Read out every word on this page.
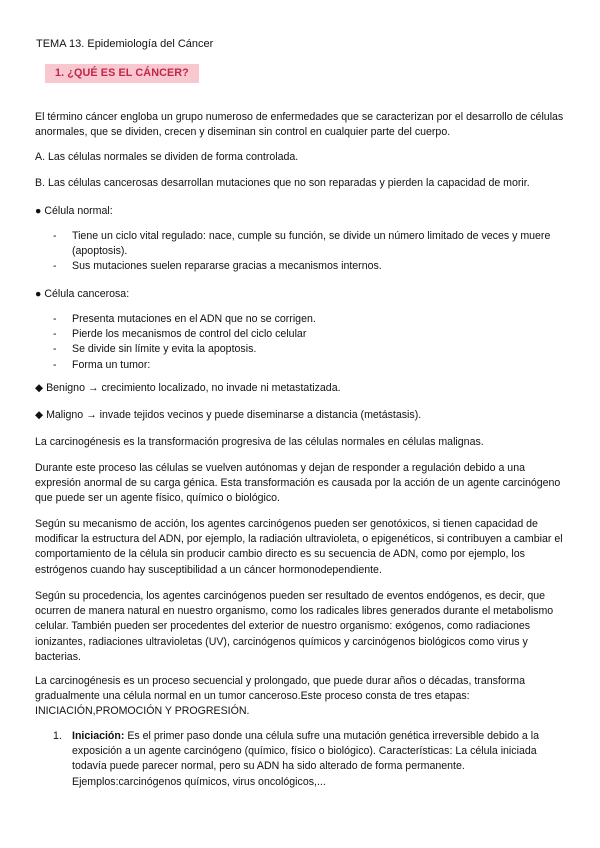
TEMA 13. Epidemiología del Cáncer
1. ¿QUÉ ES EL CÁNCER?

El término cáncer engloba un grupo numeroso de enfermedades que se caracterizan por el desarrollo de células anormales, que se dividen, crecen y diseminan sin control en cualquier parte del cuerpo.

A. Las células normales se dividen de forma controlada.

B. Las células cancerosas desarrollan mutaciones que no son reparadas y pierden la capacidad de morir.

● Célula normal:

- Tiene un ciclo vital regulado: nace, cumple su función, se divide un número limitado de veces y muere (apoptosis).
- Sus mutaciones suelen repararse gracias a mecanismos internos.

● Célula cancerosa:

- Presenta mutaciones en el ADN que no se corrigen.
- Pierde los mecanismos de control del ciclo celular
- Se divide sin límite y evita la apoptosis.
- Forma un tumor:
◆ Benigno → crecimiento localizado, no invade ni metastatizada.
◆ Maligno → invade tejidos vecinos y puede diseminarse a distancia (metástasis).

La carcinogénesis es la transformación progresiva de las células normales en células malignas.

Durante este proceso las células se vuelven autónomas y dejan de responder a regulación debido a una expresión anormal de su carga génica. Esta transformación es causada por la acción de un agente carcinógeno que puede ser un agente físico, químico o biológico.

Según su mecanismo de acción, los agentes carcinógenos pueden ser genotóxicos, si tienen capacidad de modificar la estructura del ADN, por ejemplo, la radiación ultravioleta, o epigenéticos, si contribuyen a cambiar el comportamiento de la célula sin producir cambio directo es su secuencia de ADN, como por ejemplo, los estrógenos cuando hay susceptibilidad a un cáncer hormonodependiente.

Según su procedencia, los agentes carcinógenos pueden ser resultado de eventos endógenos, es decir, que ocurren de manera natural en nuestro organismo, como los radicales libres generados durante el metabolismo celular. También pueden ser procedentes del exterior de nuestro organismo: exógenos, como radiaciones ionizantes, radiaciones ultravioletas (UV), carcinógenos químicos y carcinógenos biológicos como virus y bacterias.

La carcinogénesis es un proceso secuencial y prolongado, que puede durar años o décadas, transforma gradualmente una célula normal en un tumor canceroso.Este proceso consta de tres etapas: INICIACIÓN,PROMOCIÓN Y PROGRESIÓN.

1. Iniciación: Es el primer paso donde una célula sufre una mutación genética irreversible debido a la exposición a un agente carcinógeno (químico, físico o biológico). Características: La célula iniciada todavía puede parecer normal, pero su ADN ha sido alterado de forma permanente. Ejemplos:carcinógenos químicos, virus oncológicos,...
